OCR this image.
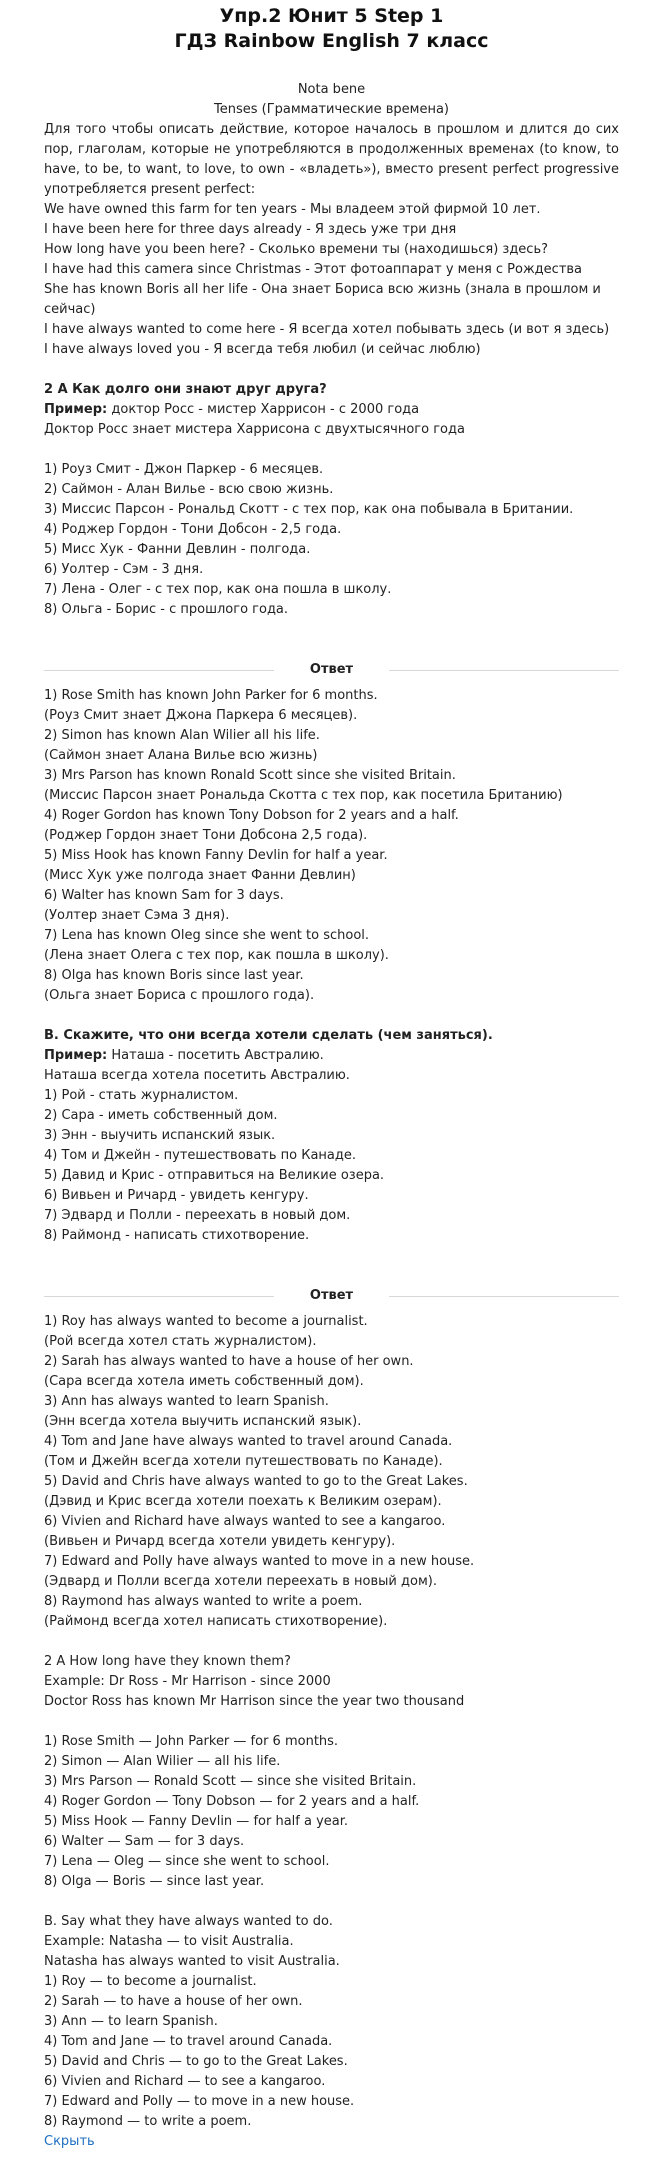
Упр.2 Юнит 5 Step 1
ГДЗ Rainbow English 7 класс
Nota bene
Tenses (Грамматические времена)
Для того чтобы описать действие, которое началось в прошлом и длится до сих пор, глаголам, которые не употребляются в продолженных временах (to know, to have, to be, to want, to love, to own - «владеть»), вместо present perfect progressive употребляется present perfect:
We have owned this farm for ten years - Мы владеем этой фирмой 10 лет.
I have been here for three days already - Я здесь уже три дня
How long have you been here? - Сколько времени ты (находишься) здесь?
I have had this camera since Christmas - Этот фотоаппарат у меня с Рождества
She has known Boris all her life - Она знает Бориса всю жизнь (знала в прошлом и сейчас)
I have always wanted to come here - Я всегда хотел побывать здесь (и вот я здесь)
I have always loved you - Я всегда тебя любил (и сейчас люблю)
2 А Как долго они знают друг друга?
Пример: доктор Росс - мистер Харрисон - с 2000 года
Доктор Росс знает мистера Харрисона с двухтысячного года
1) Роуз Смит - Джон Паркер - 6 месяцев.
2) Саймон - Алан Вилье - всю свою жизнь.
3) Миссис Парсон - Рональд Скотт - с тех пор, как она побывала в Британии.
4) Роджер Гордон - Тони Добсон - 2,5 года.
5) Мисс Хук - Фанни Девлин - полгода.
6) Уолтер - Сэм - 3 дня.
7) Лена - Олег - с тех пор, как она пошла в школу.
8) Ольга - Борис - с прошлого года.
Ответ
1) Rose Smith has known John Parker for 6 months.
(Роуз Смит знает Джона Паркера 6 месяцев).
2) Simon has known Alan Wilier all his life.
(Саймон знает Алана Вилье всю жизнь)
3) Mrs Parson has known Ronald Scott since she visited Britain.
(Миссис Парсон знает Рональда Скотта с тех пор, как посетила Британию)
4) Roger Gordon has known Tony Dobson for 2 years and a half.
(Роджер Гордон знает Тони Добсона 2,5 года).
5) Miss Hook has known Fanny Devlin for half a year.
(Мисс Хук уже полгода знает Фанни Девлин)
6) Walter has known Sam for 3 days.
(Уолтер знает Сэма 3 дня).
7) Lena has known Oleg since she went to school.
(Лена знает Олега с тех пор, как пошла в школу).
8) Olga has known Boris since last year.
(Ольга знает Бориса с прошлого года).
B. Скажите, что они всегда хотели сделать (чем заняться).
Пример: Наташа - посетить Австралию.
Наташа всегда хотела посетить Австралию.
1) Рой - стать журналистом.
2) Сара - иметь собственный дом.
3) Энн - выучить испанский язык.
4) Том и Джейн - путешествовать по Канаде.
5) Давид и Крис - отправиться на Великие озера.
6) Вивьен и Ричард - увидеть кенгуру.
7) Эдвард и Полли - переехать в новый дом.
8) Раймонд - написать стихотворение.
Ответ
1) Roy has always wanted to become a journalist.
(Рой всегда хотел стать журналистом).
2) Sarah has always wanted to have a house of her own.
(Сара всегда хотела иметь собственный дом).
3) Ann has always wanted to learn Spanish.
(Энн всегда хотела выучить испанский язык).
4) Tom and Jane have always wanted to travel around Canada.
(Том и Джейн всегда хотели путешествовать по Канаде).
5) David and Chris have always wanted to go to the Great Lakes.
(Дэвид и Крис всегда хотели поехать к Великим озерам).
6) Vivien and Richard have always wanted to see a kangaroo.
(Вивьен и Ричард всегда хотели увидеть кенгуру).
7) Edward and Polly have always wanted to move in a new house.
(Эдвард и Полли всегда хотели переехать в новый дом).
8) Raymond has always wanted to write a poem.
(Раймонд всегда хотел написать стихотворение).
2 A How long have they known them?
Example: Dr Ross - Mr Harrison - since 2000
Doctor Ross has known Mr Harrison since the year two thousand
1) Rose Smith — John Parker — for 6 months.
2) Simon — Alan Wilier — all his life.
3) Mrs Parson — Ronald Scott — since she visited Britain.
4) Roger Gordon — Tony Dobson — for 2 years and a half.
5) Miss Hook — Fanny Devlin — for half a year.
6) Walter — Sam — for 3 days.
7) Lena — Oleg — since she went to school.
8) Olga — Boris — since last year.
B. Say what they have always wanted to do.
Example: Natasha — to visit Australia.
Natasha has always wanted to visit Australia.
1) Roy — to become a journalist.
2) Sarah — to have a house of her own.
3) Ann — to learn Spanish.
4) Tom and Jane — to travel around Canada.
5) David and Chris — to go to the Great Lakes.
6) Vivien and Richard — to see a kangaroo.
7) Edward and Polly — to move in a new house.
8) Raymond — to write a poem.
Скрыть
